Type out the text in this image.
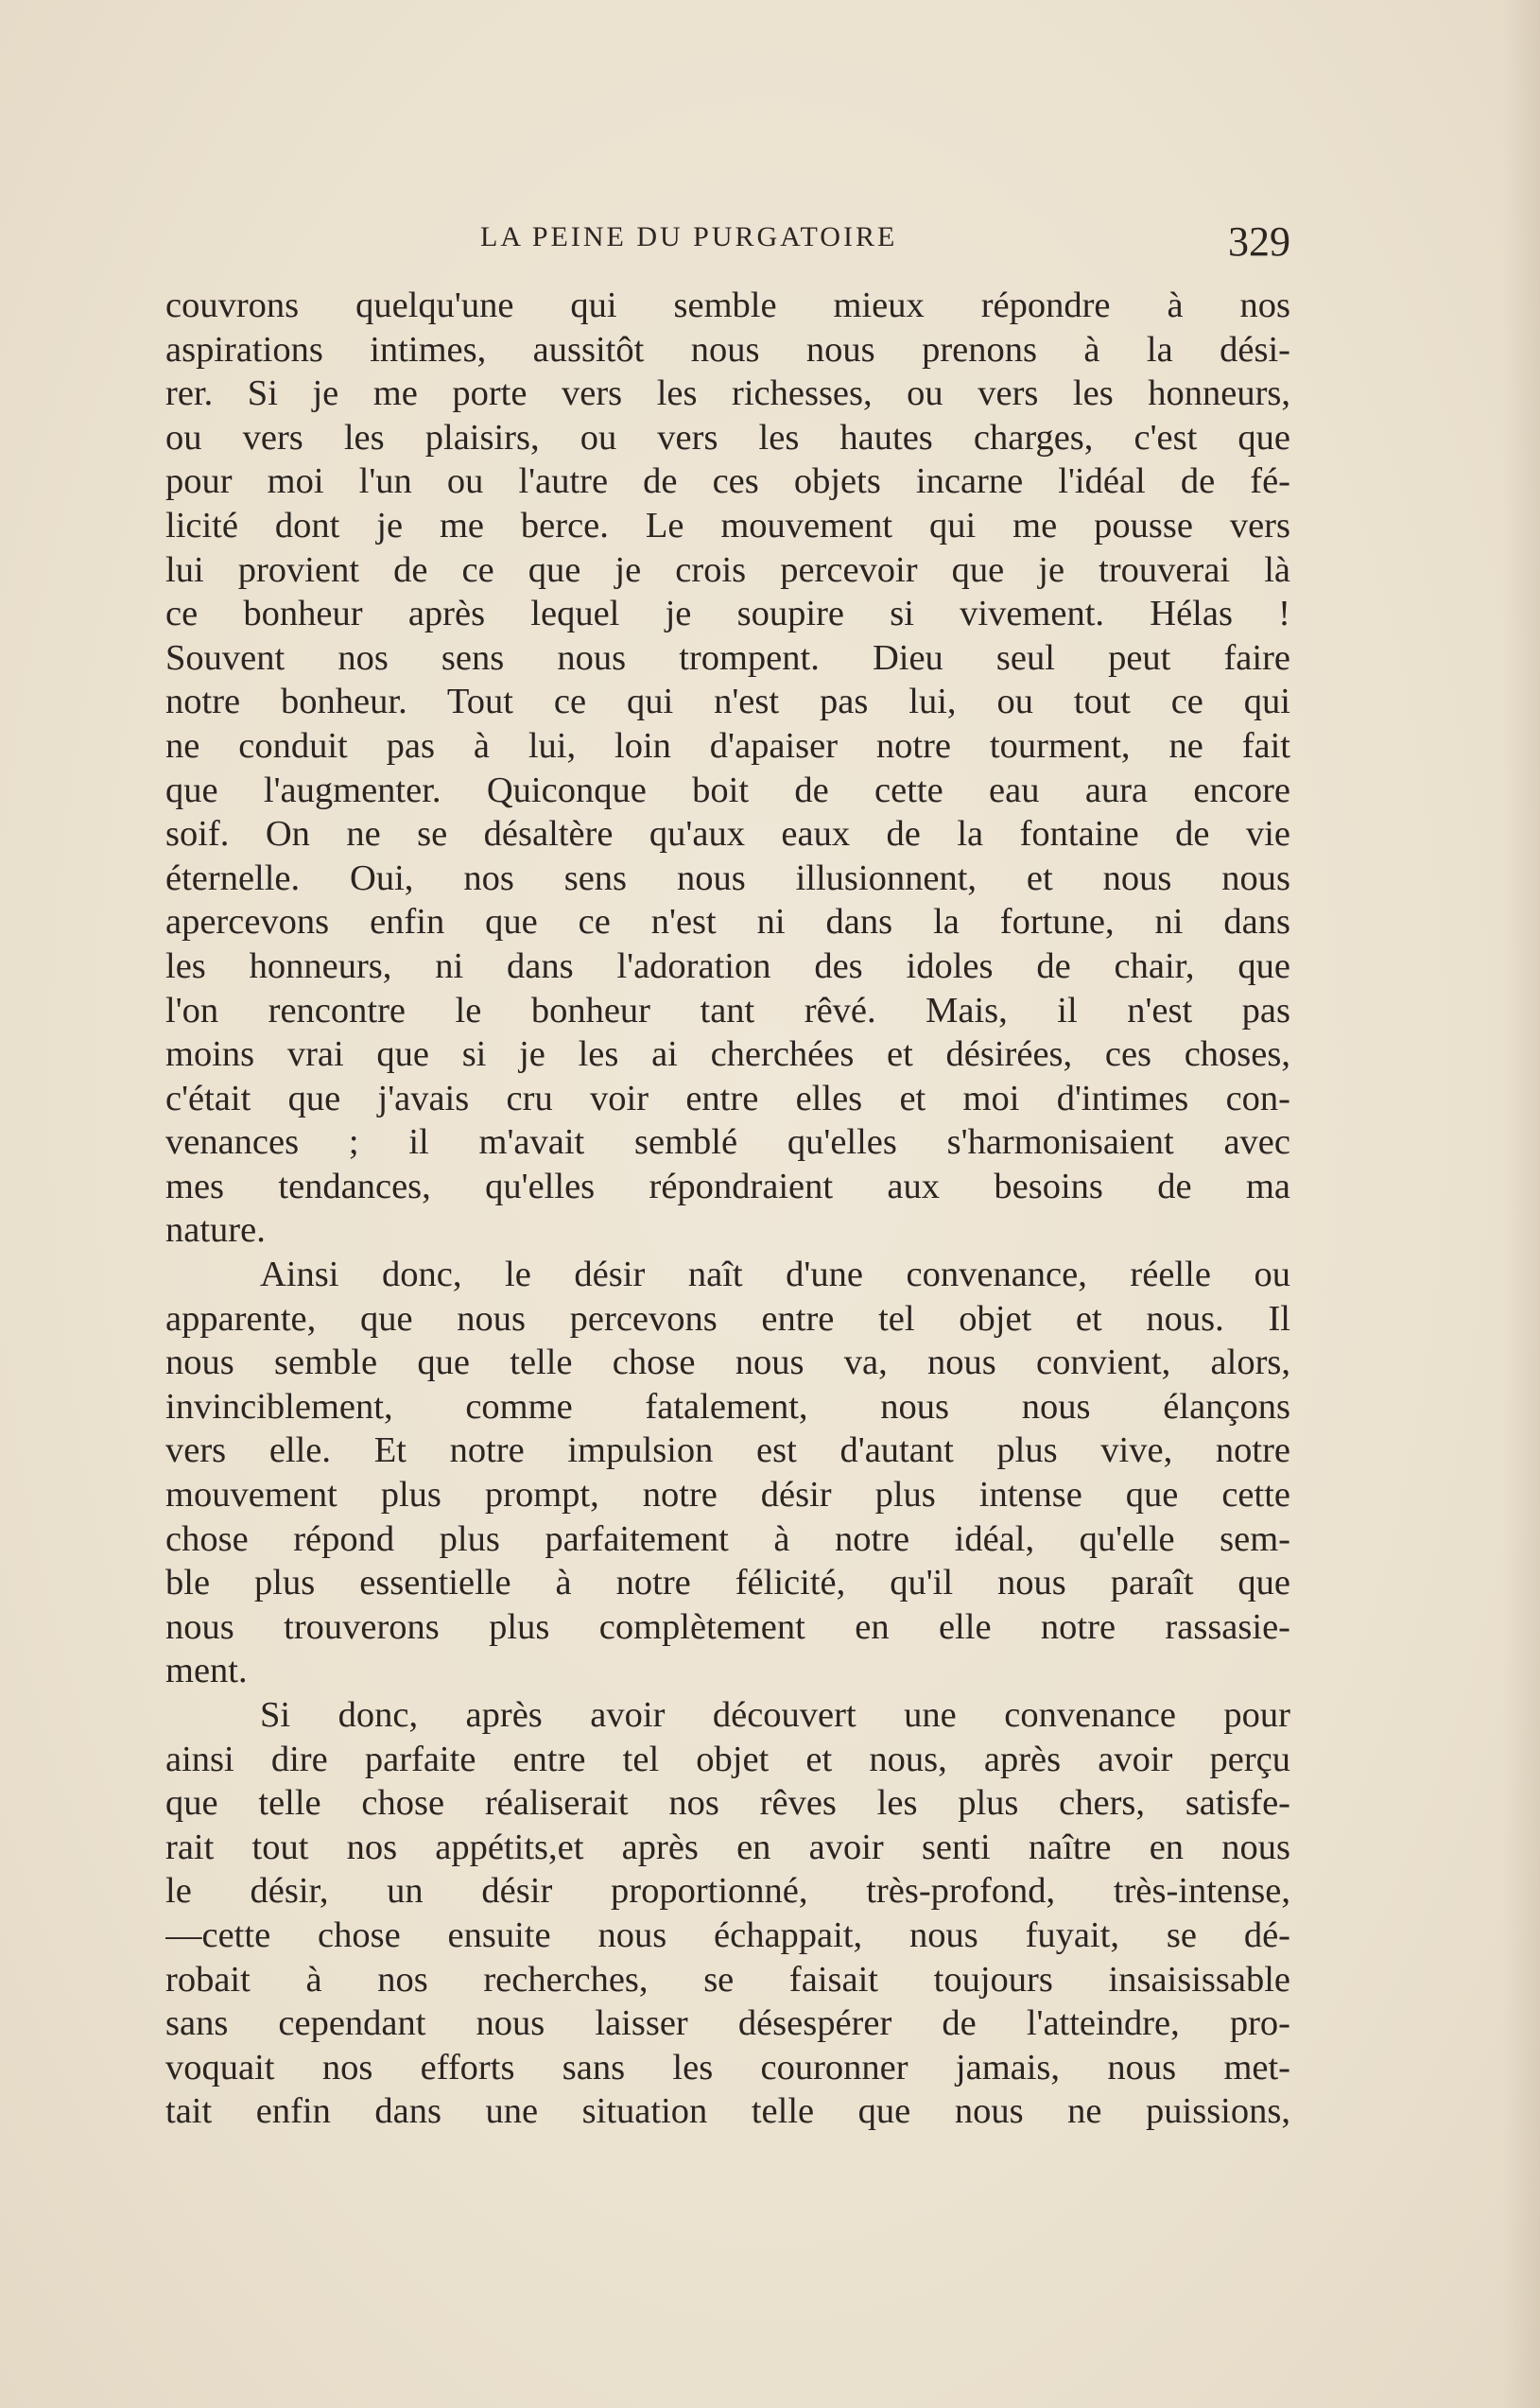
LA PEINE DU PURGATOIRE	329
couvrons quelqu'une qui semble mieux répondre à nos
aspirations intimes, aussitôt nous nous prenons à la dési-
rer. Si je me porte vers les richesses, ou vers les honneurs,
ou vers les plaisirs, ou vers les hautes charges, c'est que
pour moi l'un ou l'autre de ces objets incarne l'idéal de fé-
licité dont je me berce. Le mouvement qui me pousse vers
lui provient de ce que je crois percevoir que je trouverai là
ce bonheur après lequel je soupire si vivement. Hélas !
Souvent nos sens nous trompent. Dieu seul peut faire
notre bonheur. Tout ce qui n'est pas lui, ou tout ce qui
ne conduit pas à lui, loin d'apaiser notre tourment, ne fait
que l'augmenter. Quiconque boit de cette eau aura encore
soif. On ne se désaltère qu'aux eaux de la fontaine de vie
éternelle. Oui, nos sens nous illusionnent, et nous nous
apercevons enfin que ce n'est ni dans la fortune, ni dans
les honneurs, ni dans l'adoration des idoles de chair, que
l'on rencontre le bonheur tant rêvé. Mais, il n'est pas
moins vrai que si je les ai cherchées et désirées, ces choses,
c'était que j'avais cru voir entre elles et moi d'intimes con-
venances ; il m'avait semblé qu'elles s'harmonisaient avec
mes tendances, qu'elles répondraient aux besoins de ma
nature.
Ainsi donc, le désir naît d'une convenance, réelle ou
apparente, que nous percevons entre tel objet et nous. Il
nous semble que telle chose nous va, nous convient, alors,
invinciblement, comme fatalement, nous nous élançons
vers elle. Et notre impulsion est d'autant plus vive, notre
mouvement plus prompt, notre désir plus intense que cette
chose répond plus parfaitement à notre idéal, qu'elle sem-
ble plus essentielle à notre félicité, qu'il nous paraît que
nous trouverons plus complètement en elle notre rassasie-
ment.
Si donc, après avoir découvert une convenance pour
ainsi dire parfaite entre tel objet et nous, après avoir perçu
que telle chose réaliserait nos rêves les plus chers, satisfe-
rait tout nos appétits,et après en avoir senti naître en nous
le désir, un désir proportionné, très-profond, très-intense,
—cette chose ensuite nous échappait, nous fuyait, se dé-
robait à nos recherches, se faisait toujours insaisissable
sans cependant nous laisser désespérer de l'atteindre, pro-
voquait nos efforts sans les couronner jamais, nous met-
tait enfin dans une situation telle que nous ne puissions,
